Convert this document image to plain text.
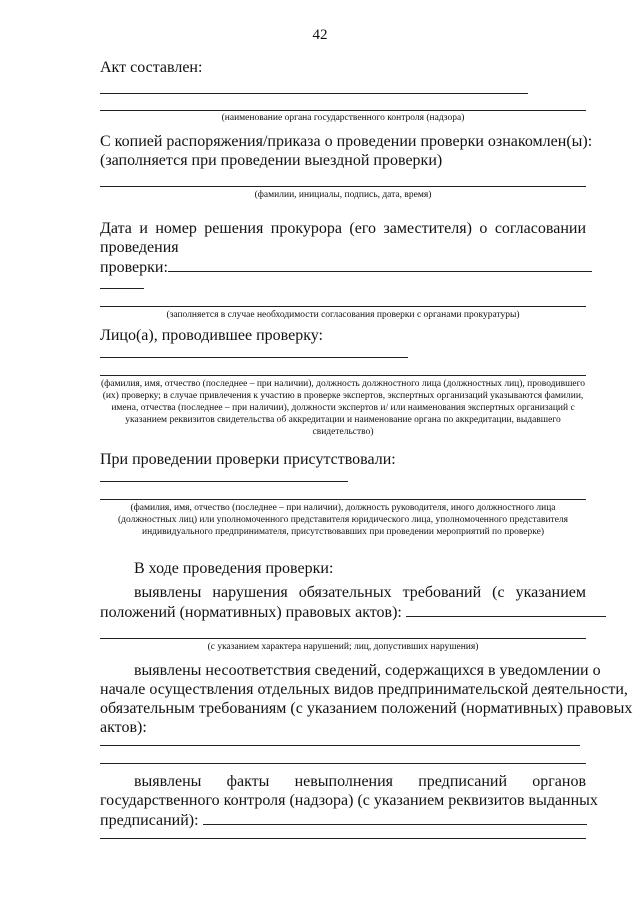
42
Акт составлен:
(наименование органа государственного контроля (надзора)
С копией распоряжения/приказа о проведении проверки ознакомлен(ы):
(заполняется при проведении выездной проверки)
(фамилии, инициалы, подпись, дата, время)
Дата и номер решения прокурора (его заместителя) о согласовании
проведения
проверки:
(заполняется в случае необходимости согласования проверки с органами прокуратуры)
Лицо(а), проводившее проверку:
(фамилия, имя, отчество (последнее – при наличии), должность должностного лица (должностных лиц), проводившего (их) проверку; в случае привлечения к участию в проверке экспертов, экспертных организаций указываются фамилии, имена, отчества (последнее – при наличии), должности экспертов и/ или наименования экспертных организаций с указанием реквизитов свидетельства об аккредитации и наименование органа по аккредитации, выдавшего свидетельство)
При проведении проверки присутствовали:
(фамилия, имя, отчество (последнее – при наличии), должность руководителя, иного должностного лица (должностных лиц) или уполномоченного представителя юридического лица, уполномоченного представителя индивидуального предпринимателя, присутствовавших при проведении мероприятий по проверке)
В ходе проведения проверки:
выявлены нарушения обязательных требований (с указанием
положений (нормативных) правовых актов):
(с указанием характера нарушений; лиц, допустивших нарушения)
выявлены несоответствия сведений, содержащихся в уведомлении о
начале осуществления отдельных видов предпринимательской деятельности,
обязательным требованиям (с указанием положений (нормативных) правовых
актов):
выявлены факты невыполнения предписаний органов
государственного контроля (надзора) (с указанием реквизитов выданных
предписаний):
